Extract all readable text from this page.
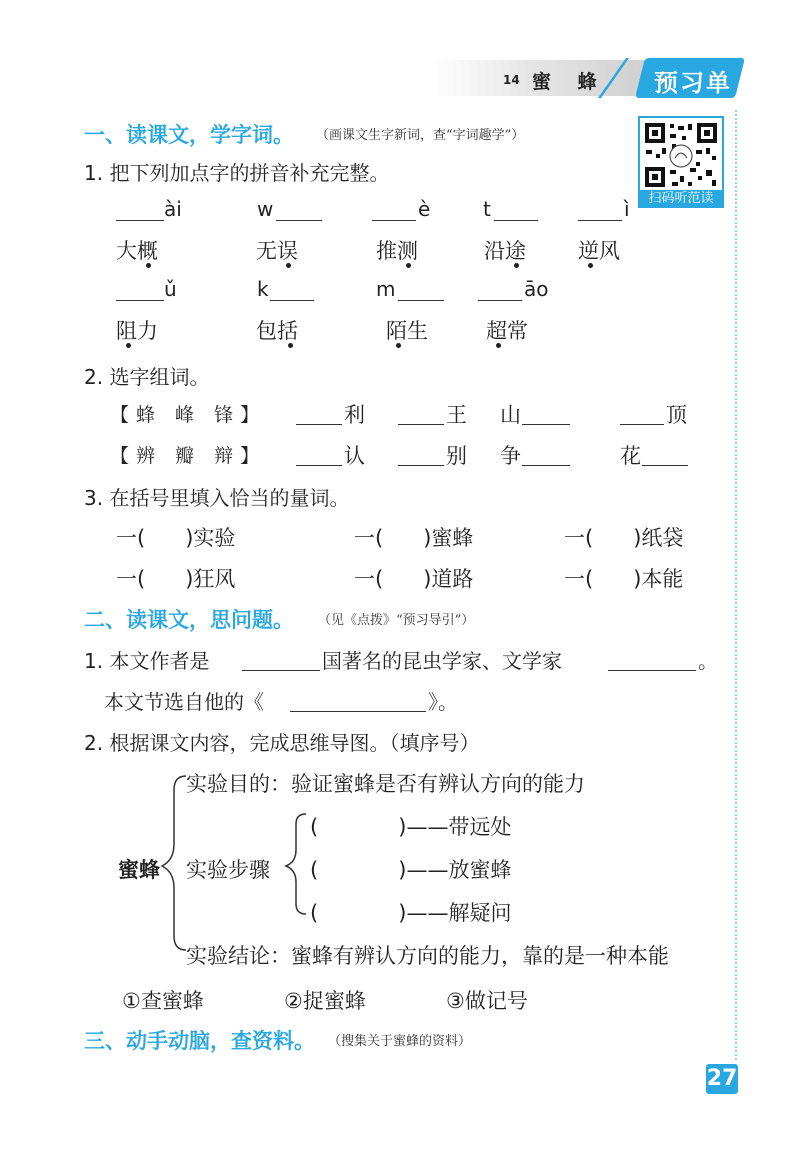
14 蜜 蜂 预习单
扫码听范读
一、读课文，学字词。 （画课文生字新词，查“字词趣学”）
1. 把下列加点字的拼音补充完整。
ài	w	è	t	ì
大概	无误	推测	沿途 逆风
ǔ	k	m	āo
阻力	包括	陌生	超常
2. 选字组词。
【蜂 峰 锋】	利	王 山	顶
【辨 瓣 辩】	认	别 争	花
3. 在括号里填入恰当的量词。
一(      )实验	一(      )蜜蜂	一(      )纸袋
一(      )狂风	一(      )道路	一(      )本能
二、读课文，思问题。 （见《点拨》“预习导引”）
1. 本文作者是	国著名的昆虫学家、文学家	。
本文节选自他的《	》。
2. 根据课文内容，完成思维导图。（填序号）
蜜蜂
实验目的：验证蜜蜂是否有辨认方向的能力
实验步骤
(            )——带远处
(            )——放蜜蜂
(            )——解疑问
实验结论：蜜蜂有辨认方向的能力，靠的是一种本能
①查蜜蜂	②捉蜜蜂	③做记号
三、动手动脑，查资料。 （搜集关于蜜蜂的资料）
27
